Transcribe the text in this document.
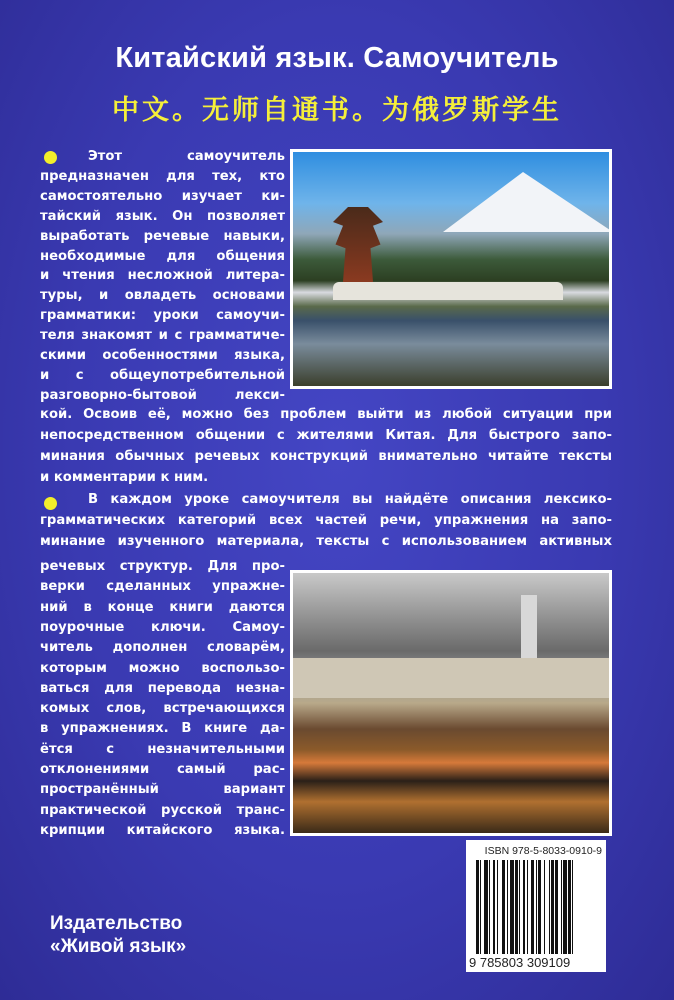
Китайский язык. Самоучитель
中文。无师自通书。为俄罗斯学生
Этот самоучитель
предназначен для тех, кто
самостоятельно изучает ки-
тайский язык. Он позволяет
выработать речевые навыки,
необходимые для общения
и чтения несложной литера-
туры, и овладеть основами
грамматики: уроки самоучи-
теля знакомят и с грамматиче-
скими особенностями языка,
и с общеупотребительной
разговорно-бытовой лекси-
кой. Освоив её, можно без проблем выйти из любой ситуации при
непосредственном общении с жителями Китая. Для быстрого запо-
минания обычных речевых конструкций внимательно читайте тексты
и комментарии к ним.
В каждом уроке самоучителя вы найдёте описания лексико-
грамматических категорий всех частей речи, упражнения на запо-
минание изученного материала, тексты с использованием активных
речевых структур. Для про-
верки сделанных упражне-
ний в конце книги даются
поурочные ключи. Самоу-
читель дополнен словарём,
которым можно воспользо-
ваться для перевода незна-
комых слов, встречающихся
в упражнениях. В книге да-
ётся с незначительными
отклонениями самый рас-
пространённый вариант
практической русской транс-
крипции китайского языка.
ISBN 978-5-8033-0910-9
9 785803 309109
Издательство
«Живой язык»
